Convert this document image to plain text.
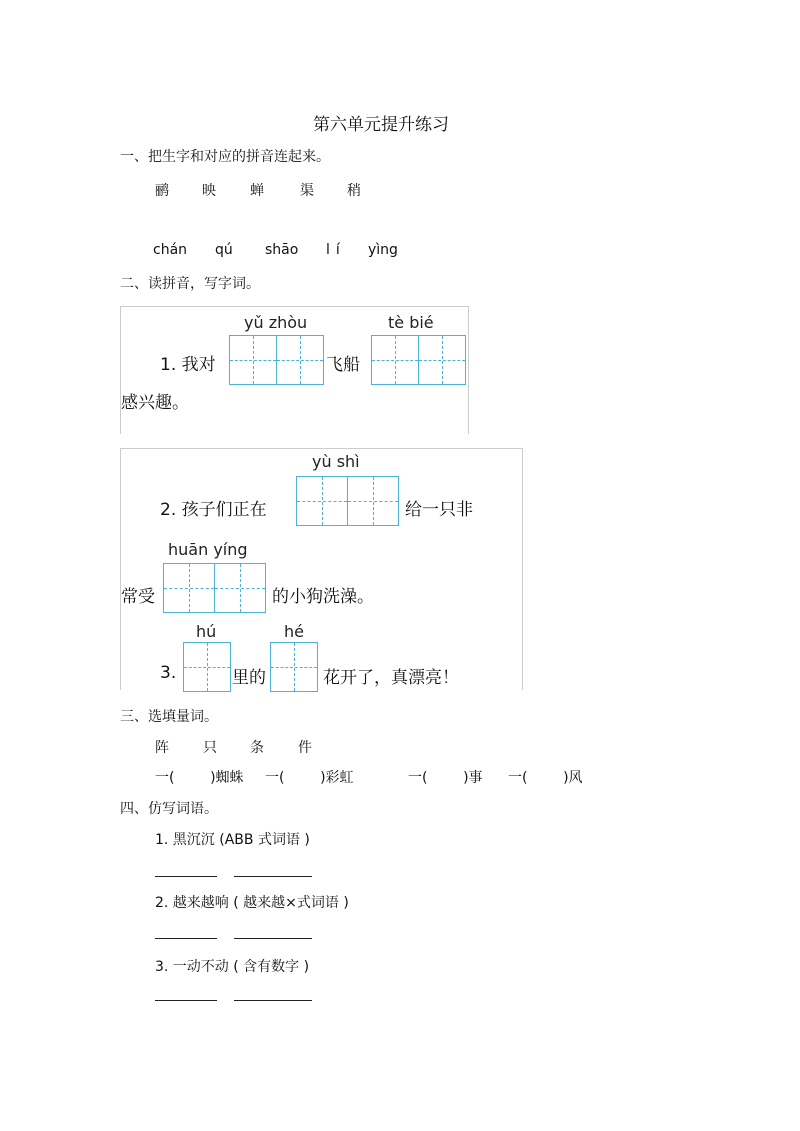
第六单元提升练习
一、把生字和对应的拼音连起来。
鹂 映 蝉	渠 稍
chán qú shāo lí yìng
二、读拼音，写字词。
yǔ zhòu	tè bié
1. 我对	飞船
感兴趣。
yù shì
2. 孩子们正在	给一只非
huān yíng
常受	的小狗洗澡。
hú	hé
3.	里的	花开了，真漂亮！
三、选填量词。
阵 只 条 件
一(        )蜘蛛 一(        )彩虹	一(        )事 一(        )风
四、仿写词语。
1. 黑沉沉 (ABB 式词语 )
2. 越来越响 ( 越来越×式词语 )
3. 一动不动 ( 含有数字 )
